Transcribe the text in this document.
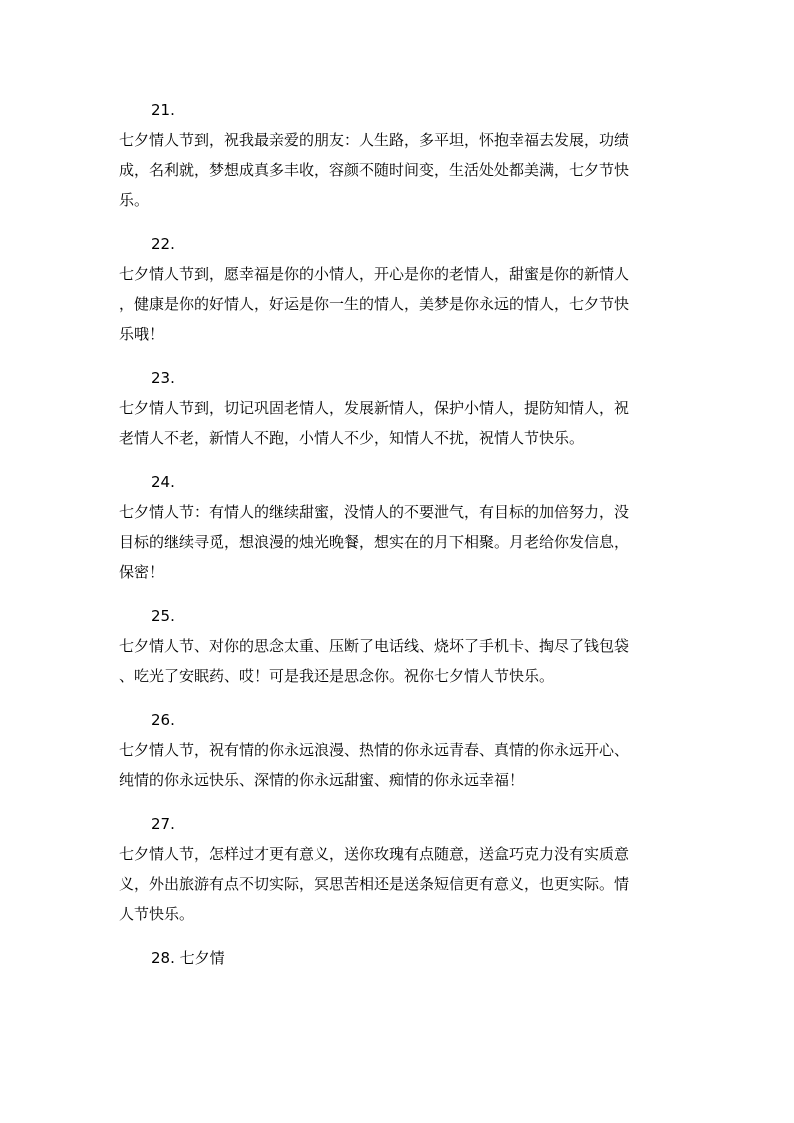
21.

七夕情人节到，祝我最亲爱的朋友：人生路，多平坦，怀抱幸福去发展，功绩
成，名利就，梦想成真多丰收，容颜不随时间变，生活处处都美满，七夕节快
乐。

22.

七夕情人节到，愿幸福是你的小情人，开心是你的老情人，甜蜜是你的新情人
，健康是你的好情人，好运是你一生的情人，美梦是你永远的情人，七夕节快
乐哦！

23.

七夕情人节到，切记巩固老情人，发展新情人，保护小情人，提防知情人，祝
老情人不老，新情人不跑，小情人不少，知情人不扰，祝情人节快乐。

24.

七夕情人节：有情人的继续甜蜜，没情人的不要泄气，有目标的加倍努力，没
目标的继续寻觅，想浪漫的烛光晚餐，想实在的月下相聚。月老给你发信息，
保密！

25.

七夕情人节、对你的思念太重、压断了电话线、烧坏了手机卡、掏尽了钱包袋
、吃光了安眠药、哎！可是我还是思念你。祝你七夕情人节快乐。

26.

七夕情人节，祝有情的你永远浪漫、热情的你永远青春、真情的你永远开心、
纯情的你永远快乐、深情的你永远甜蜜、痴情的你永远幸福！

27.

七夕情人节，怎样过才更有意义，送你玫瑰有点随意，送盒巧克力没有实质意
义，外出旅游有点不切实际，冥思苦相还是送条短信更有意义，也更实际。情
人节快乐。

28. 七夕情
